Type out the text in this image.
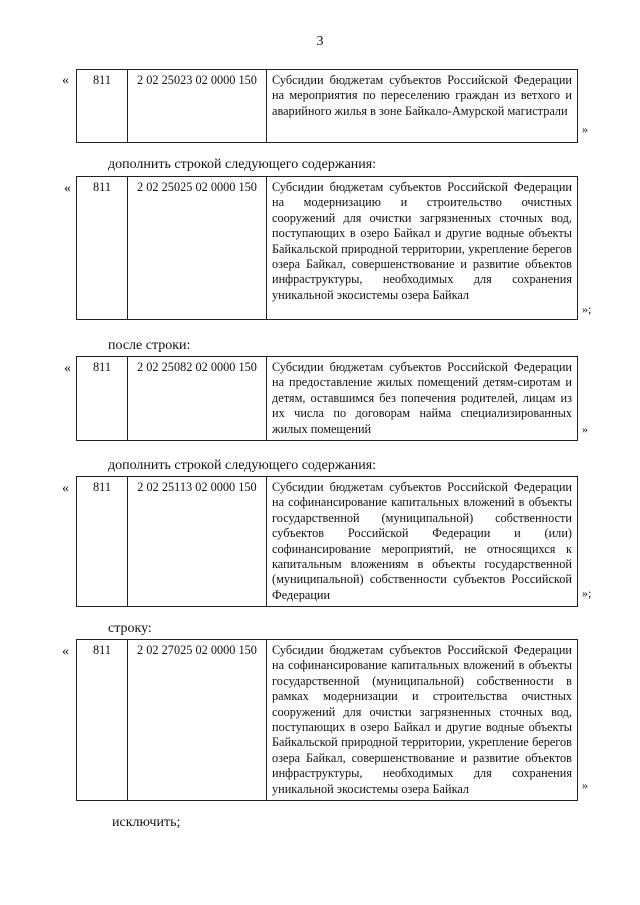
3
« 811	2 02 25023 02 0000 150	Субсидии бюджетам субъектов Российской Федерации на мероприятия по переселению граждан из ветхого и аварийного жилья в зоне Байкало-Амурской магистрали
»
дополнить строкой следующего содержания:
« 811	2 02 25025 02 0000 150	Субсидии бюджетам субъектов Российской Федерации на модернизацию и строительство очистных сооружений для очистки загрязненных сточных вод, поступающих в озеро Байкал и другие водные объекты Байкальской природной территории, укрепление берегов озера Байкал, совершенствование и развитие объектов инфраструктуры, необходимых для сохранения уникальной экосистемы озера Байкал
»;
после строки:
« 811	2 02 25082 02 0000 150	Субсидии бюджетам субъектов Российской Федерации на предоставление жилых помещений детям-сиротам и детям, оставшимся без попечения родителей, лицам из их числа по договорам найма специализированных жилых помещений	»
дополнить строкой следующего содержания:
« 811	2 02 25113 02 0000 150	Субсидии бюджетам субъектов Российской Федерации на софинансирование капитальных вложений в объекты государственной (муниципальной) собственности субъектов Российской Федерации и (или) софинансирование мероприятий, не относящихся к капитальным вложениям в объекты государственной (муниципальной) собственности субъектов Российской Федерации	»;
строку:
« 811	2 02 27025 02 0000 150	Субсидии бюджетам субъектов Российской Федерации на софинансирование капитальных вложений в объекты государственной (муниципальной) собственности в рамках модернизации и строительства очистных сооружений для очистки загрязненных сточных вод, поступающих в озеро Байкал и другие водные объекты Байкальской природной территории, укрепление берегов озера Байкал, совершенствование и развитие объектов инфраструктуры, необходимых для сохранения уникальной экосистемы озера Байкал	»
исключить;
